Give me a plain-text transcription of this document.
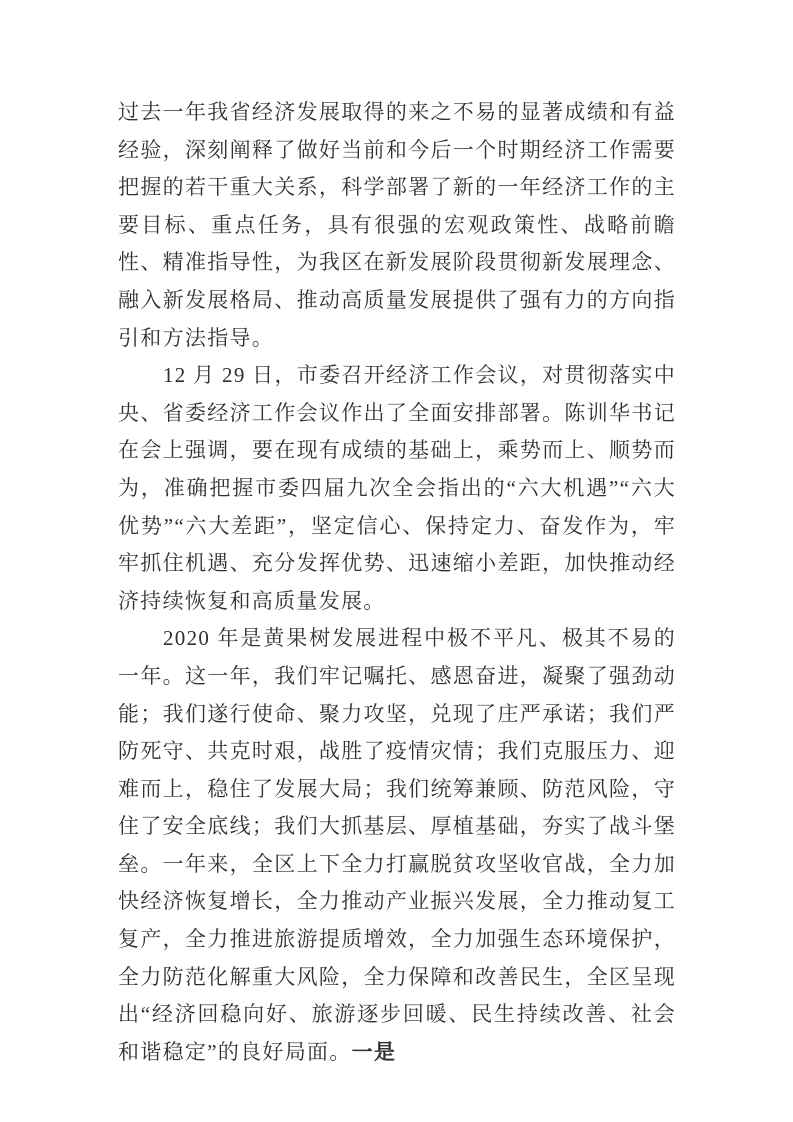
过去一年我省经济发展取得的来之不易的显著成绩和有益经验，深刻阐释了做好当前和今后一个时期经济工作需要把握的若干重大关系，科学部署了新的一年经济工作的主要目标、重点任务，具有很强的宏观政策性、战略前瞻性、精准指导性，为我区在新发展阶段贯彻新发展理念、融入新发展格局、推动高质量发展提供了强有力的方向指引和方法指导。

12 月 29 日，市委召开经济工作会议，对贯彻落实中央、省委经济工作会议作出了全面安排部署。陈训华书记在会上强调，要在现有成绩的基础上，乘势而上、顺势而为，准确把握市委四届九次全会指出的“六大机遇”“六大优势”“六大差距”，坚定信心、保持定力、奋发作为，牢牢抓住机遇、充分发挥优势、迅速缩小差距，加快推动经济持续恢复和高质量发展。

2020 年是黄果树发展进程中极不平凡、极其不易的一年。这一年，我们牢记嘱托、感恩奋进，凝聚了强劲动能；我们遂行使命、聚力攻坚，兑现了庄严承诺；我们严防死守、共克时艰，战胜了疫情灾情；我们克服压力、迎难而上，稳住了发展大局；我们统筹兼顾、防范风险，守住了安全底线；我们大抓基层、厚植基础，夯实了战斗堡垒。一年来，全区上下全力打赢脱贫攻坚收官战，全力加快经济恢复增长，全力推动产业振兴发展，全力推动复工复产，全力推进旅游提质增效，全力加强生态环境保护，全力防范化解重大风险，全力保障和改善民生，全区呈现出“经济回稳向好、旅游逐步回暖、民生持续改善、社会和谐稳定”的良好局面。一是
